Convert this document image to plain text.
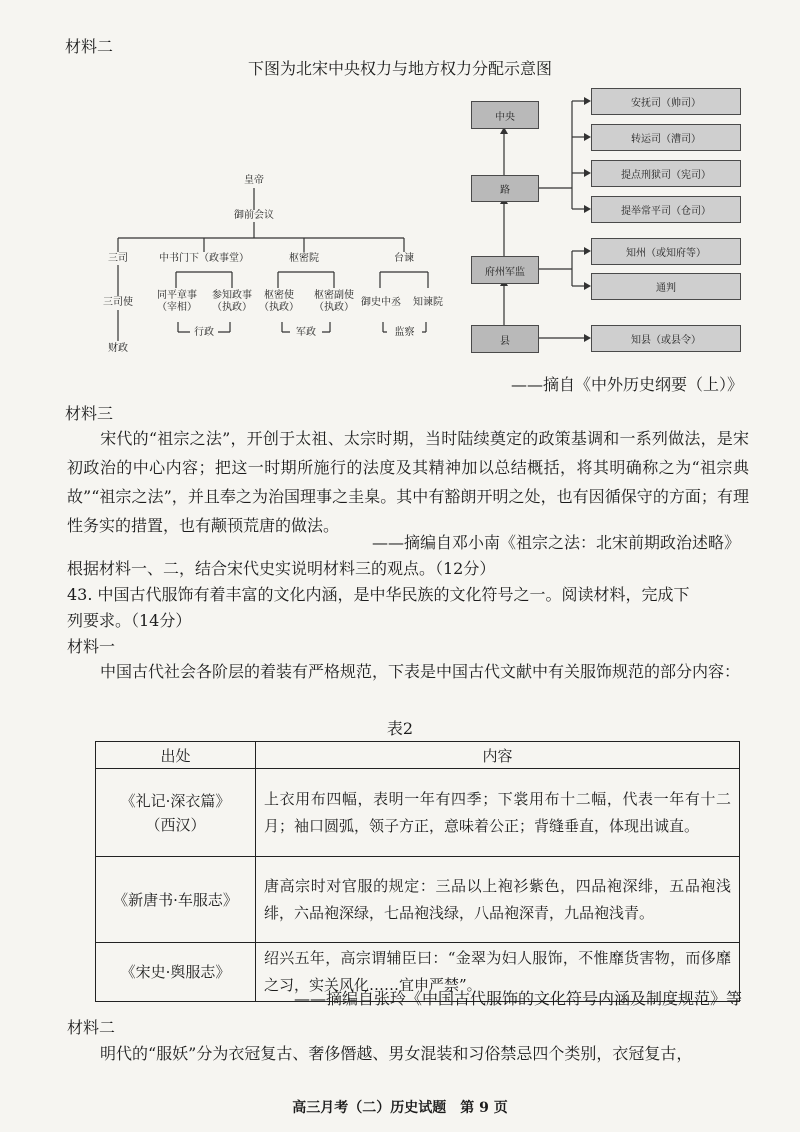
材料二
下图为北宋中央权力与地方权力分配示意图
皇帝
御前会议
三司	中书门下（政事堂）	枢密院	台谏
三司使
同平章事
（宰相）
参知政事
（执政）
枢密使
（执政）
枢密副使
（执政） 御史中丞	知谏院
财政
行政	军政	监察
中央
路
府州军监
县
安抚司（帅司）
转运司（漕司）
提点刑狱司（宪司）
提举常平司（仓司）
知州（或知府等）
通判
知县（或县令）
——摘自《中外历史纲要（上）》
材料三
宋代的“祖宗之法”，开创于太祖、太宗时期，当时陆续奠定的政策基调和一系列做法，是宋初政治的中心内容；把这一时期所施行的法度及其精神加以总结概括，将其明确称之为“祖宗典故”“祖宗之法”，并且奉之为治国理事之圭臬。其中有豁朗开明之处，也有因循保守的方面；有理性务实的措置，也有颟顸荒唐的做法。
——摘编自邓小南《祖宗之法：北宋前期政治述略》
根据材料一、二，结合宋代史实说明材料三的观点。（12分）
43. 中国古代服饰有着丰富的文化内涵，是中华民族的文化符号之一。阅读材料，完成下
列要求。（14分）
材料一
中国古代社会各阶层的着装有严格规范，下表是中国古代文献中有关服饰规范的部分内容：
表2
出处	内容
《礼记·深衣篇》
（西汉）	上衣用布四幅，表明一年有四季；下裳用布十二幅，代表一年有十二月；袖口圆弧，领子方正，意味着公正；背缝垂直，体现出诚直。
《新唐书·车服志》	唐高宗时对官服的规定：三品以上袍衫紫色，四品袍深绯，五品袍浅绯，六品袍深绿，七品袍浅绿，八品袍深青，九品袍浅青。
《宋史·舆服志》	绍兴五年，高宗谓辅臣曰：“金翠为妇人服饰，不惟靡货害物，而侈靡之习，实关风化……宜申严禁”。
——摘编自张玲《中国古代服饰的文化符号内涵及制度规范》等
材料二
明代的“服妖”分为衣冠复古、奢侈僭越、男女混装和习俗禁忌四个类别，衣冠复古，
高三月考（二）历史试题　第 9 页
